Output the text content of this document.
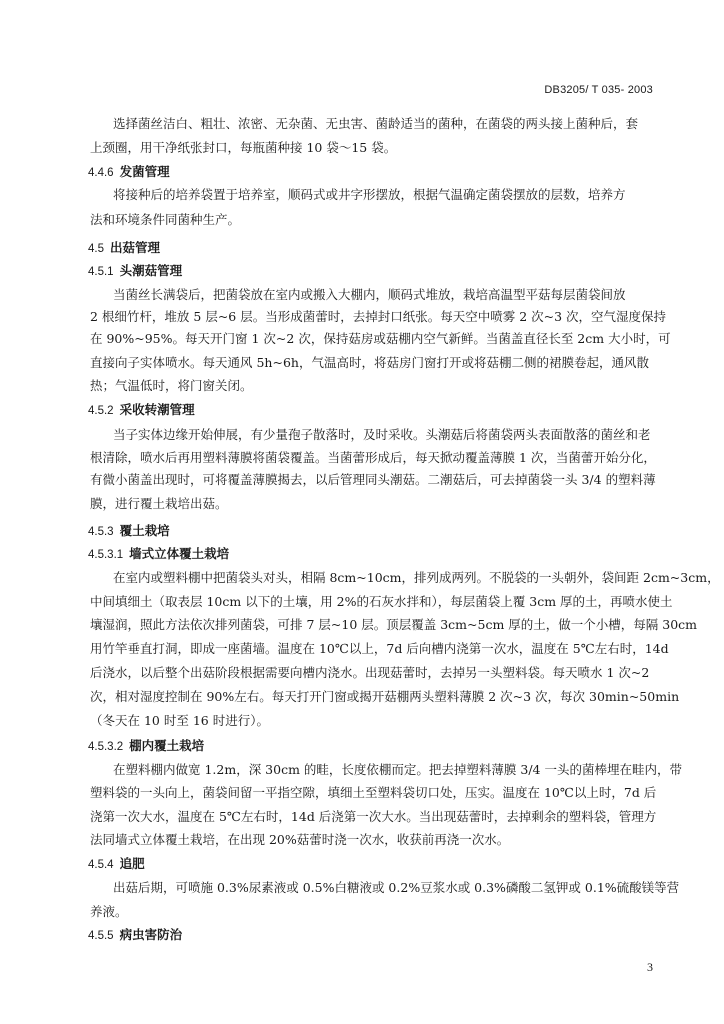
DB3205/ T 035- 2003
选择菌丝洁白、粗壮、浓密、无杂菌、无虫害、菌龄适当的菌种，在菌袋的两头接上菌种后，套
上颈圈，用干净纸张封口，每瓶菌种接 10 袋～15 袋。
4.4.6 发菌管理
将接种后的培养袋置于培养室，顺码式或井字形摆放，根据气温确定菌袋摆放的层数，培养方
法和环境条件同菌种生产。
4.5 出菇管理
4.5.1 头潮菇管理
当菌丝长满袋后，把菌袋放在室内或搬入大棚内，顺码式堆放，栽培高温型平菇每层菌袋间放
2 根细竹杆，堆放 5 层~6 层。当形成菌蕾时，去掉封口纸张。每天空中喷雾 2 次~3 次，空气湿度保持
在 90%~95%。每天开门窗 1 次~2 次，保持菇房或菇棚内空气新鲜。当菌盖直径长至 2cm 大小时，可
直接向子实体喷水。每天通风 5h~6h，气温高时，将菇房门窗打开或将菇棚二侧的裙膜卷起，通风散
热；气温低时，将门窗关闭。
4.5.2 采收转潮管理
当子实体边缘开始伸展，有少量孢子散落时，及时采收。头潮菇后将菌袋两头表面散落的菌丝和老
根清除，喷水后再用塑料薄膜将菌袋覆盖。当菌蕾形成后，每天掀动覆盖薄膜 1 次，当菌蕾开始分化，
有微小菌盖出现时，可将覆盖薄膜揭去，以后管理同头潮菇。二潮菇后，可去掉菌袋一头 3/4 的塑料薄
膜，进行覆土栽培出菇。
4.5.3 覆土栽培
4.5.3.1 墙式立体覆土栽培
在室内或塑料棚中把菌袋头对头，相隔 8cm~10cm，排列成两列。不脱袋的一头朝外，袋间距 2cm~3cm，
中间填细土（取表层 10cm 以下的土壤，用 2%的石灰水拌和），每层菌袋上覆 3cm 厚的土，再喷水使土
壤湿润，照此方法依次排列菌袋，可排 7 层~10 层。顶层覆盖 3cm~5cm 厚的土，做一个小槽，每隔 30cm
用竹竿垂直打洞，即成一座菌墙。温度在 10℃以上，7d 后向槽内浇第一次水，温度在 5℃左右时，14d
后浇水，以后整个出菇阶段根据需要向槽内浇水。出现菇蕾时，去掉另一头塑料袋。每天喷水 1 次~2
次，相对湿度控制在 90%左右。每天打开门窗或揭开菇棚两头塑料薄膜 2 次~3 次，每次 30min~50min
（冬天在 10 时至 16 时进行）。
4.5.3.2 棚内覆土栽培
在塑料棚内做宽 1.2m，深 30cm 的畦，长度依棚而定。把去掉塑料薄膜 3/4 一头的菌棒埋在畦内，带
塑料袋的一头向上，菌袋间留一平指空隙，填细土至塑料袋切口处，压实。温度在 10℃以上时，7d 后
浇第一次大水，温度在 5℃左右时，14d 后浇第一次大水。当出现菇蕾时，去掉剩余的塑料袋，管理方
法同墙式立体覆土栽培，在出现 20%菇蕾时浇一次水，收获前再浇一次水。
4.5.4 追肥
出菇后期，可喷施 0.3%尿素液或 0.5%白糖液或 0.2%豆浆水或 0.3%磷酸二氢钾或 0.1%硫酸镁等营
养液。
4.5.5 病虫害防治
3
